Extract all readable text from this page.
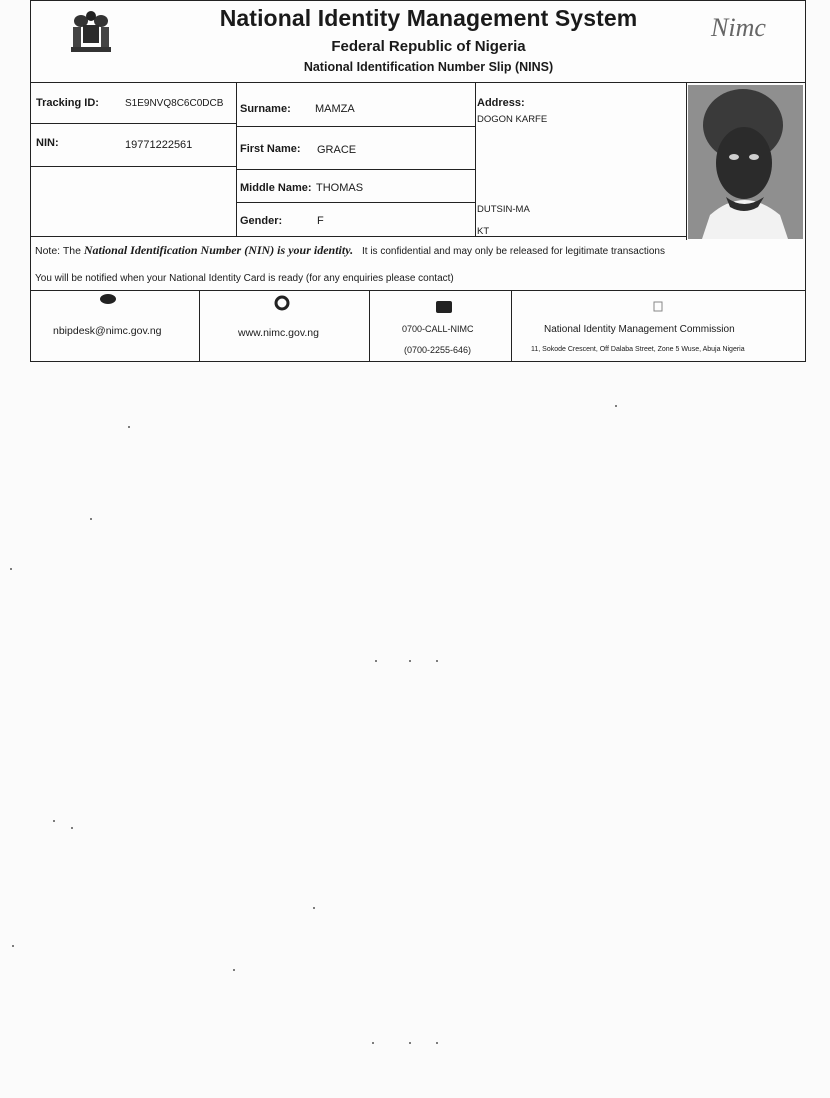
Nimc
National Identity Management System
Federal Republic of Nigeria
National Identification Number Slip (NINS)
Tracking ID:	S1E9NVQ8C6C0DCB
NIN:	19771222561
Surname: MAMZA
First Name: GRACE
Middle Name: THOMAS
Gender:	F
Address:
DOGON KARFE
DUTSIN-MA
KT
Note: The National Identification Number (NIN) is your identity. It is confidential and may only be released for legitimate transactions
You will be notified when your National Identity Card is ready (for any enquiries please contact)
nbipdesk@nimc.gov.ng	www.nimc.gov.ng	0700-CALL-NIMC
(0700-2255-646)
National Identity Management Commission
11, Sokode Crescent, Off Dalaba Street, Zone 5 Wuse, Abuja Nigeria
